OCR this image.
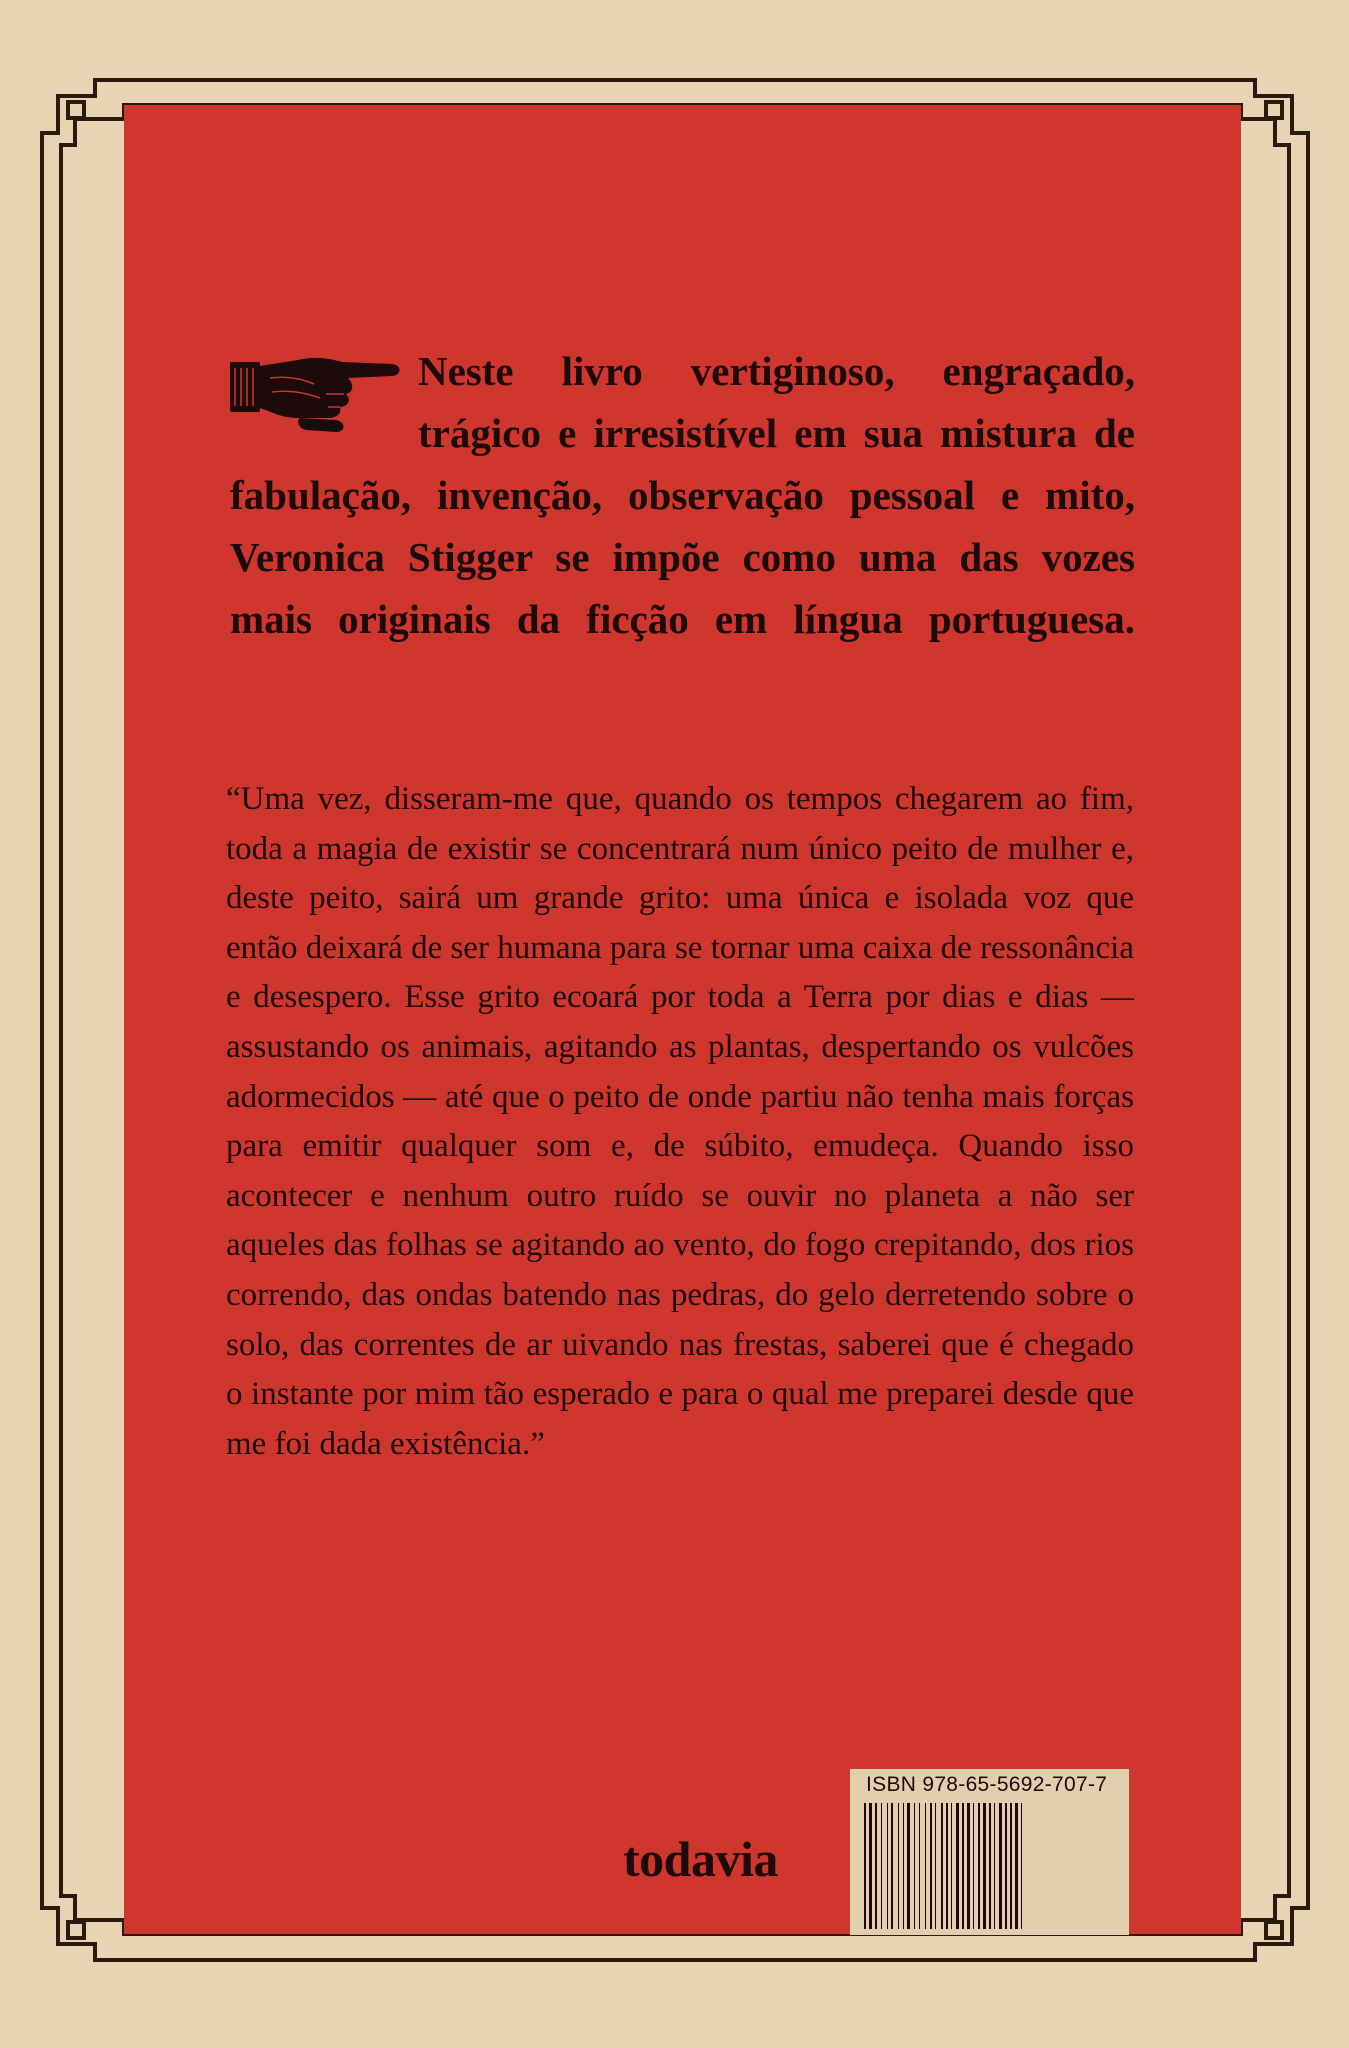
Neste livro vertiginoso, engraçado, trágico e irresistível em sua mistura de fabulação, invenção, observação pessoal e mito, Veronica Stigger se impõe como uma das vozes mais originais da ficção em língua portuguesa.
“Uma vez, disseram-me que, quando os tempos chegarem ao fim, toda a magia de existir se concentrará num único peito de mulher e, deste peito, sairá um grande grito: uma única e isolada voz que então deixará de ser humana para se tornar uma caixa de ressonância e desespero. Esse grito ecoará por toda a Terra por dias e dias — assustando os animais, agitando as plantas, despertando os vulcões adormecidos — até que o peito de onde partiu não tenha mais forças para emitir qualquer som e, de súbito, emudeça. Quando isso acontecer e nenhum outro ruído se ouvir no planeta a não ser aqueles das folhas se agitando ao vento, do fogo crepitando, dos rios correndo, das ondas batendo nas pedras, do gelo derretendo sobre o solo, das correntes de ar uivando nas frestas, saberei que é chegado o instante por mim tão esperado e para o qual me preparei desde que me foi dada existência.”
todavia
ISBN 978-65-5692-707-7
